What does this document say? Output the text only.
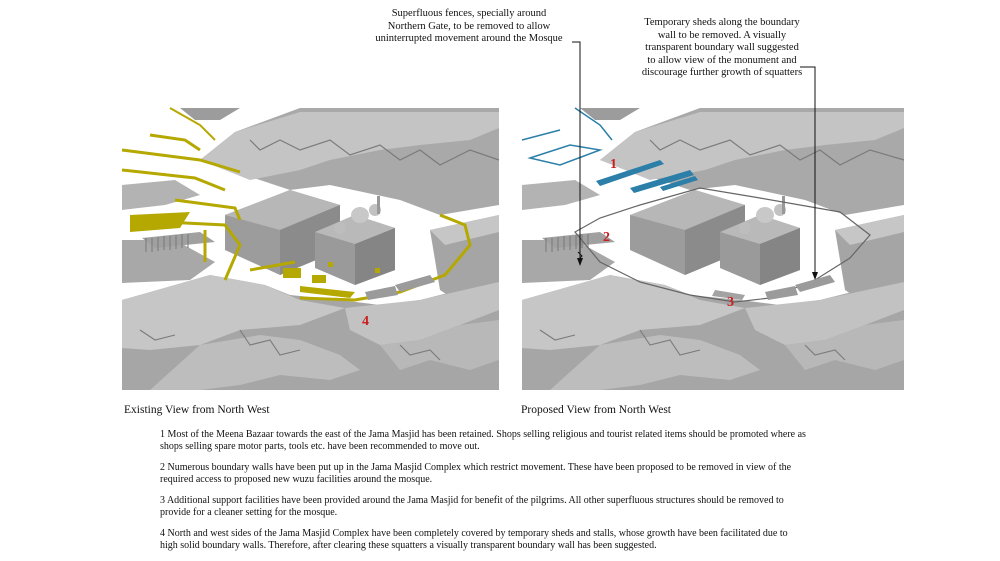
Superfluous fences, specially around
Northern Gate, to be removed to allow
uninterrupted movement around the Mosque
Temporary sheds along the boundary
wall to be removed. A visually
transparent boundary wall suggested
to allow view of the monument and
discourage further growth of squatters
4
1
2
3
Existing View from North West	Proposed View from North West
1 Most of the Meena Bazaar towards the east of the Jama Masjid has been retained. Shops selling religious and tourist related items should be promoted where as
shops selling spare motor parts, tools etc. have been recommended to move out.
2 Numerous boundary walls have been put up in the Jama Masjid Complex which restrict movement. These have been proposed to be removed in view of the
required access to proposed new wuzu facilities around the mosque.
3 Additional support facilities have been provided around the Jama Masjid for benefit of the pilgrims. All other superfluous structures should be removed to
provide for a cleaner setting for the mosque.
4 North and west sides of the Jama Masjid Complex have been completely covered by temporary sheds and stalls, whose growth have been facilitated due to
high solid boundary walls. Therefore, after clearing these squatters a visually transparent boundary wall has been suggested.
